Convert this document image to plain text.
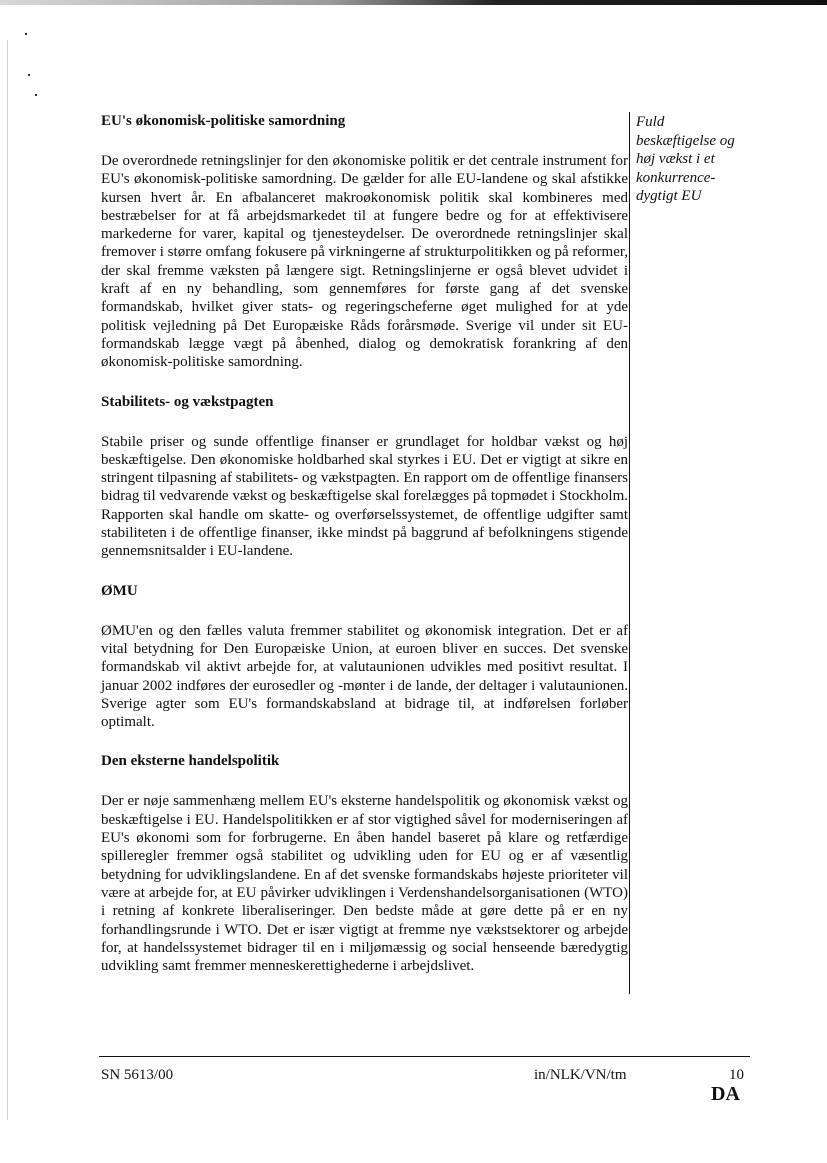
EU's økonomisk-politiske samordning

De overordnede retningslinjer for den økonomiske politik er det centrale instrument for EU's økonomisk-politiske samordning. De gælder for alle EU-landene og skal afstikke kursen hvert år. En afbalanceret makroøkonomisk politik skal kombineres med bestræbelser for at få arbejdsmarkedet til at fungere bedre og for at effektivisere markederne for varer, kapital og tjenesteydelser. De overordnede retningslinjer skal fremover i større omfang fokusere på virkningerne af strukturpolitikken og på reformer, der skal fremme væksten på længere sigt. Retningslinjerne er også blevet udvidet i kraft af en ny behandling, som gennemføres for første gang af det svenske formandskab, hvilket giver stats- og regeringscheferne øget mulighed for at yde politisk vejledning på Det Europæiske Råds forårsmøde. Sverige vil under sit EU-formandskab lægge vægt på åbenhed, dialog og demokratisk forankring af den økonomisk-politiske samordning.

Stabilitets- og vækstpagten

Stabile priser og sunde offentlige finanser er grundlaget for holdbar vækst og høj beskæftigelse. Den økonomiske holdbarhed skal styrkes i EU. Det er vigtigt at sikre en stringent tilpasning af stabilitets- og vækstpagten. En rapport om de offentlige finansers bidrag til vedvarende vækst og beskæftigelse skal forelægges på topmødet i Stockholm. Rapporten skal handle om skatte- og overførselssystemet, de offentlige udgifter samt stabiliteten i de offentlige finanser, ikke mindst på baggrund af befolkningens stigende gennemsnitsalder i EU-landene.

ØMU

ØMU'en og den fælles valuta fremmer stabilitet og økonomisk integration. Det er af vital betydning for Den Europæiske Union, at euroen bliver en succes. Det svenske formandskab vil aktivt arbejde for, at valutaunionen udvikles med positivt resultat. I januar 2002 indføres der eurosedler og -mønter i de lande, der deltager i valutaunionen. Sverige agter som EU's formandskabsland at bidrage til, at indførelsen forløber optimalt.

Den eksterne handelspolitik

Der er nøje sammenhæng mellem EU's eksterne handelspolitik og økonomisk vækst og beskæftigelse i EU. Handelspolitikken er af stor vigtighed såvel for moderniseringen af EU's økonomi som for forbrugerne. En åben handel baseret på klare og retfærdige spilleregler fremmer også stabilitet og udvikling uden for EU og er af væsentlig betydning for udviklingslandene. En af det svenske formandskabs højeste prioriteter vil være at arbejde for, at EU påvirker udviklingen i Verdenshandelsorganisationen (WTO) i retning af konkrete liberaliseringer. Den bedste måde at gøre dette på er en ny forhandlingsrunde i WTO. Det er især vigtigt at fremme nye vækstsektorer og arbejde for, at handelssystemet bidrager til en i miljømæssig og social henseende bæredygtig udvikling samt fremmer menneskerettighederne i arbejdslivet.

Fuld
beskæftigelse og
høj vækst i et
konkurrence-
dygtigt EU
SN 5613/00	in/NLK/VN/tm	10
DA
